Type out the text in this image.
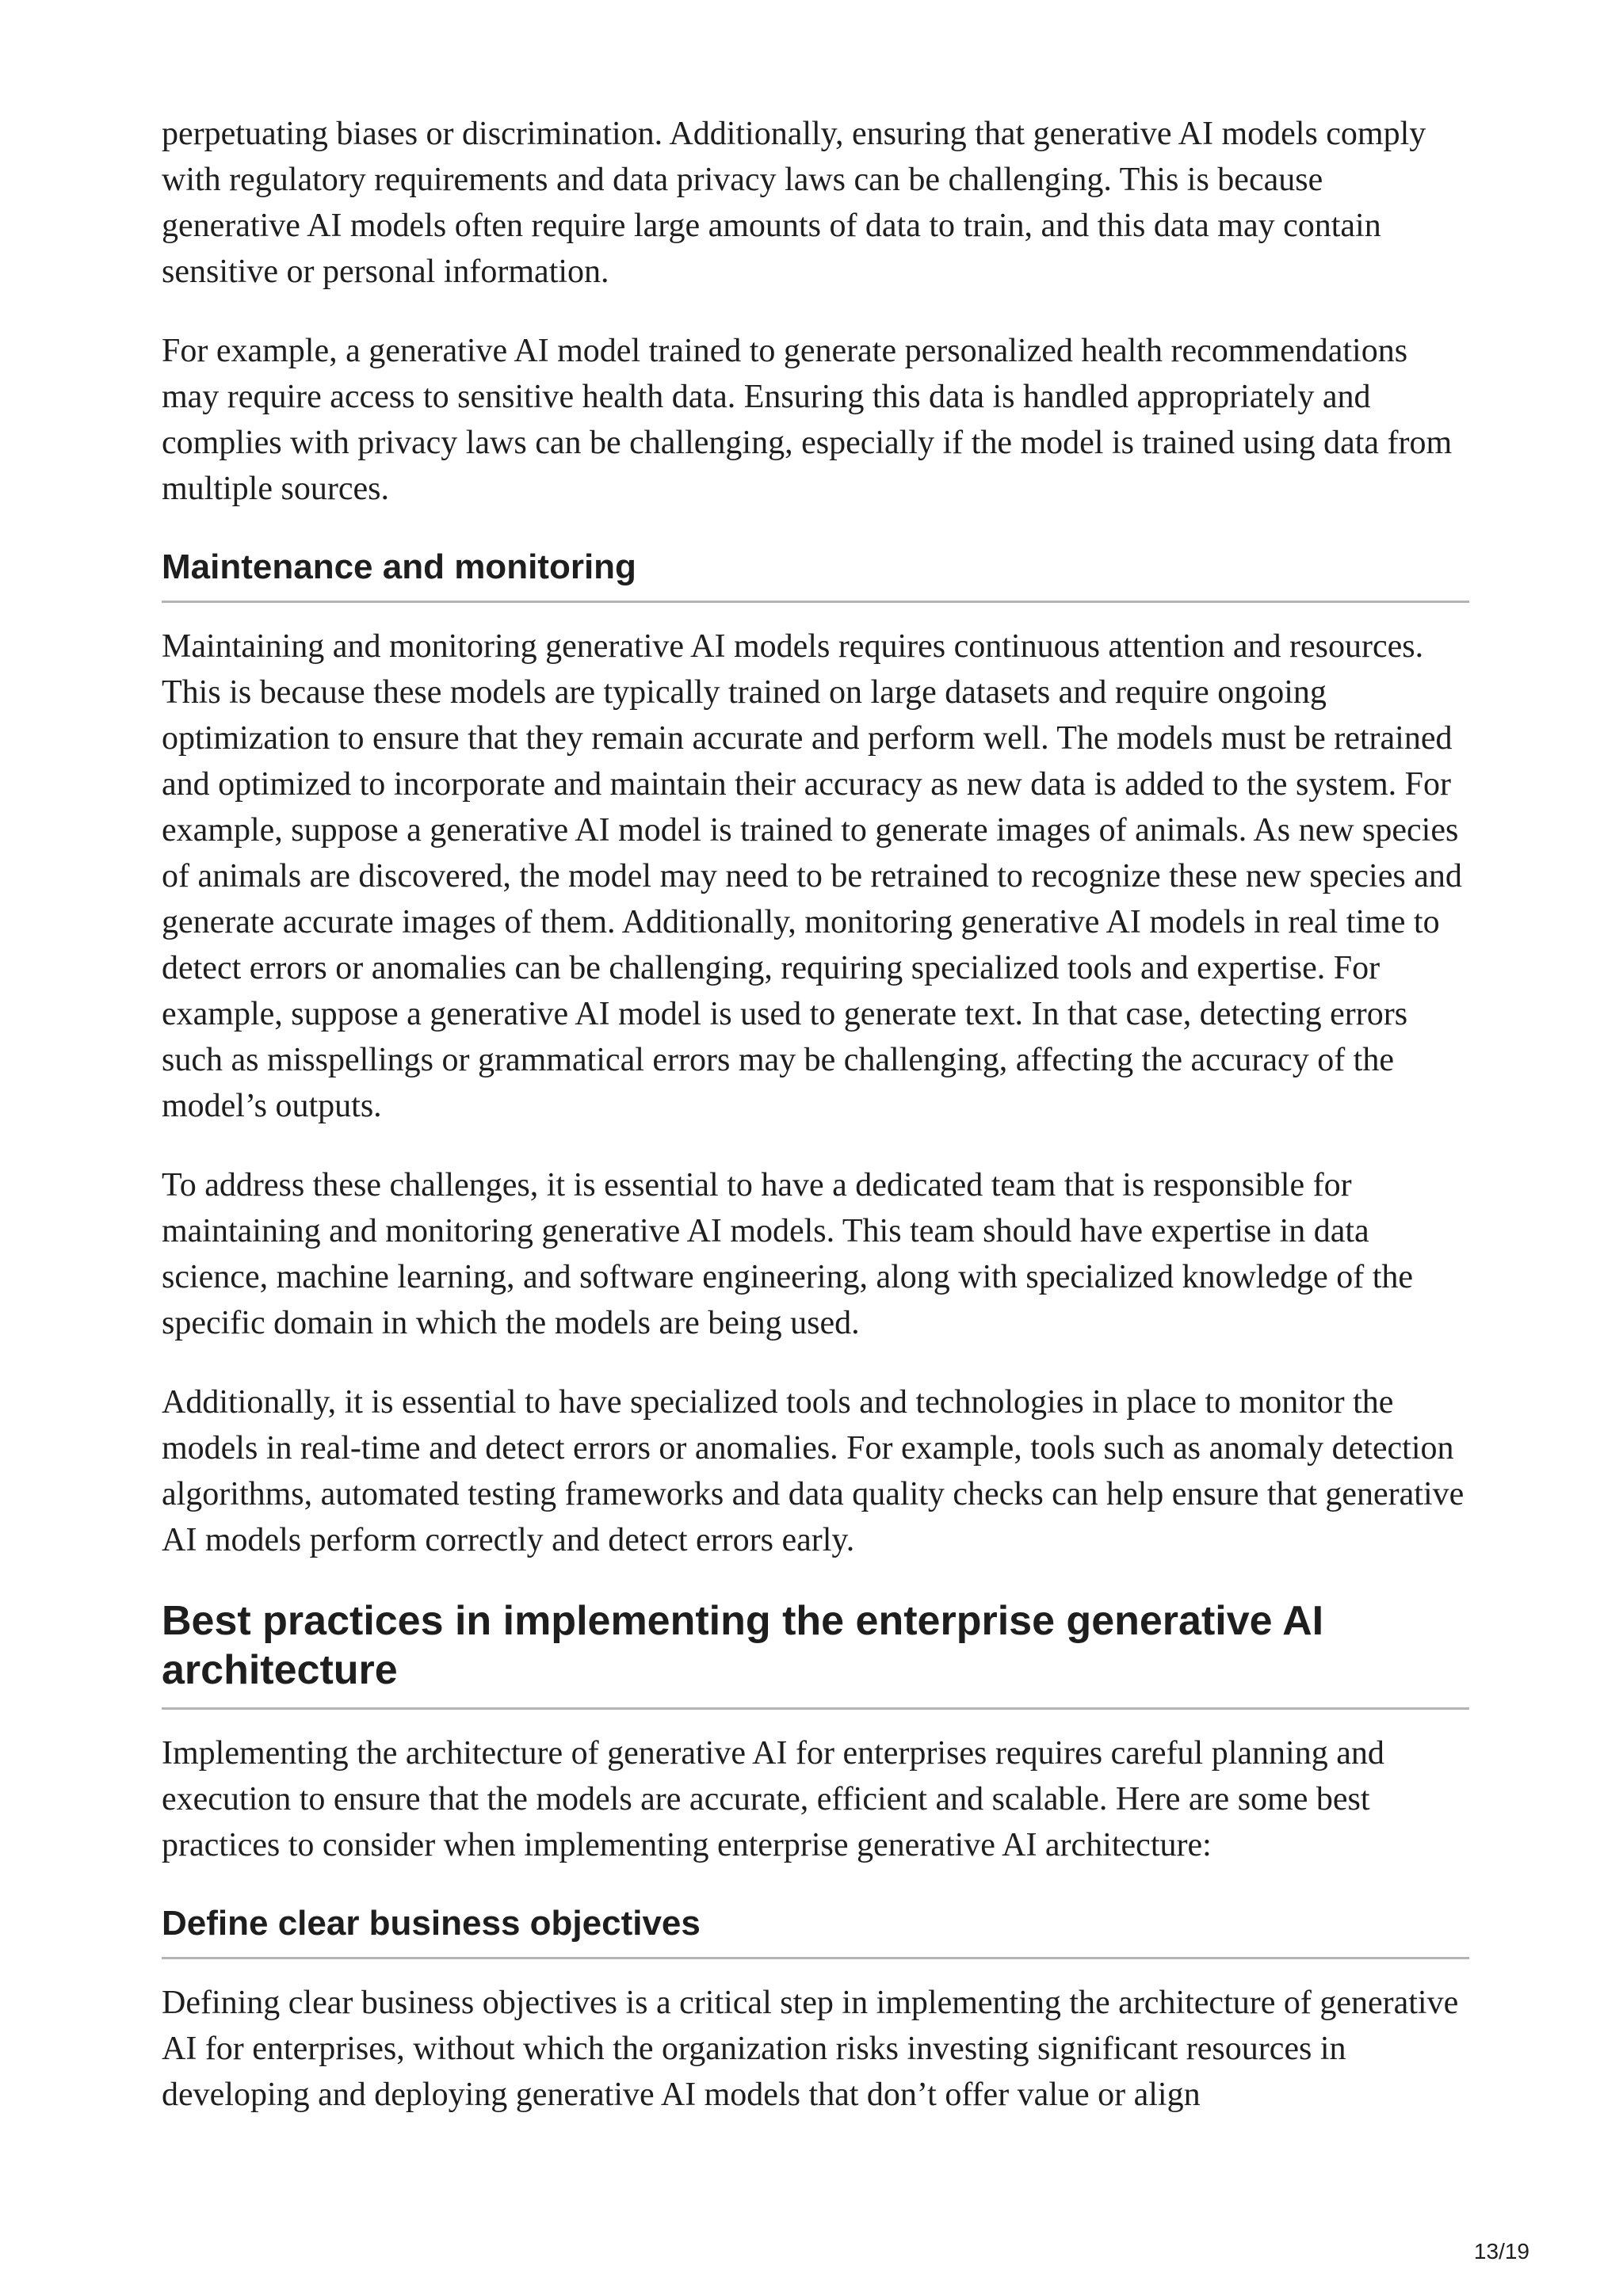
perpetuating biases or discrimination. Additionally, ensuring that generative AI models comply with regulatory requirements and data privacy laws can be challenging. This is because generative AI models often require large amounts of data to train, and this data may contain sensitive or personal information.

For example, a generative AI model trained to generate personalized health recommendations may require access to sensitive health data. Ensuring this data is handled appropriately and complies with privacy laws can be challenging, especially if the model is trained using data from multiple sources.

Maintenance and monitoring

Maintaining and monitoring generative AI models requires continuous attention and resources. This is because these models are typically trained on large datasets and require ongoing optimization to ensure that they remain accurate and perform well. The models must be retrained and optimized to incorporate and maintain their accuracy as new data is added to the system. For example, suppose a generative AI model is trained to generate images of animals. As new species of animals are discovered, the model may need to be retrained to recognize these new species and generate accurate images of them. Additionally, monitoring generative AI models in real time to detect errors or anomalies can be challenging, requiring specialized tools and expertise. For example, suppose a generative AI model is used to generate text. In that case, detecting errors such as misspellings or grammatical errors may be challenging, affecting the accuracy of the model’s outputs.

To address these challenges, it is essential to have a dedicated team that is responsible for maintaining and monitoring generative AI models. This team should have expertise in data science, machine learning, and software engineering, along with specialized knowledge of the specific domain in which the models are being used.

Additionally, it is essential to have specialized tools and technologies in place to monitor the models in real-time and detect errors or anomalies. For example, tools such as anomaly detection algorithms, automated testing frameworks and data quality checks can help ensure that generative AI models perform correctly and detect errors early.

Best practices in implementing the enterprise generative AI architecture

Implementing the architecture of generative AI for enterprises requires careful planning and execution to ensure that the models are accurate, efficient and scalable. Here are some best practices to consider when implementing enterprise generative AI architecture:

Define clear business objectives

Defining clear business objectives is a critical step in implementing the architecture of generative AI for enterprises, without which the organization risks investing significant resources in developing and deploying generative AI models that don’t offer value or align

13/19
